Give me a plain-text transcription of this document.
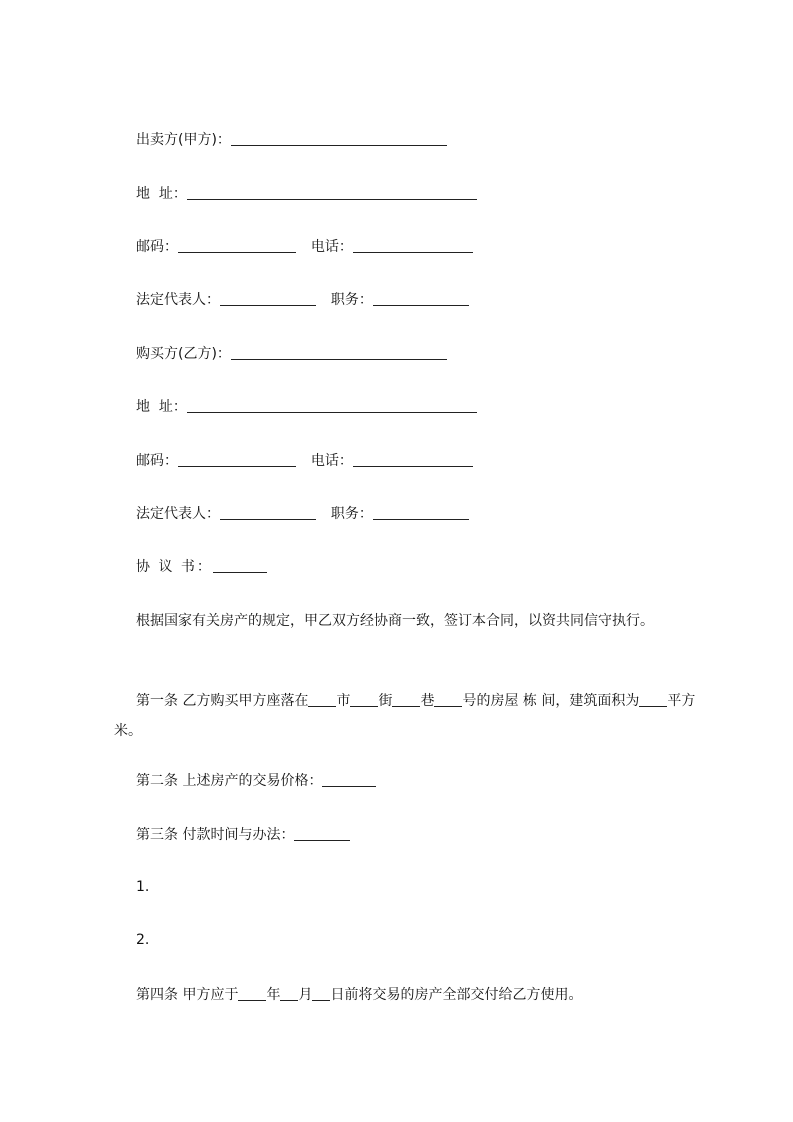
出卖方(甲方)：
地  址：
邮码：	电话：
法定代表人：	职务：
购买方(乙方)：
地  址：
邮码：	电话：
法定代表人：	职务：
协 议 书：
根据国家有关房产的规定，甲乙双方经协商一致，签订本合同，以资共同信守执行。
第一条 乙方购买甲方座落在 市 街 巷 号的房屋 栋 间，建筑面积为 平方米。
第二条 上述房产的交易价格：
第三条 付款时间与办法：
1.
2.
第四条 甲方应于 年 月 日前将交易的房产全部交付给乙方使用。
